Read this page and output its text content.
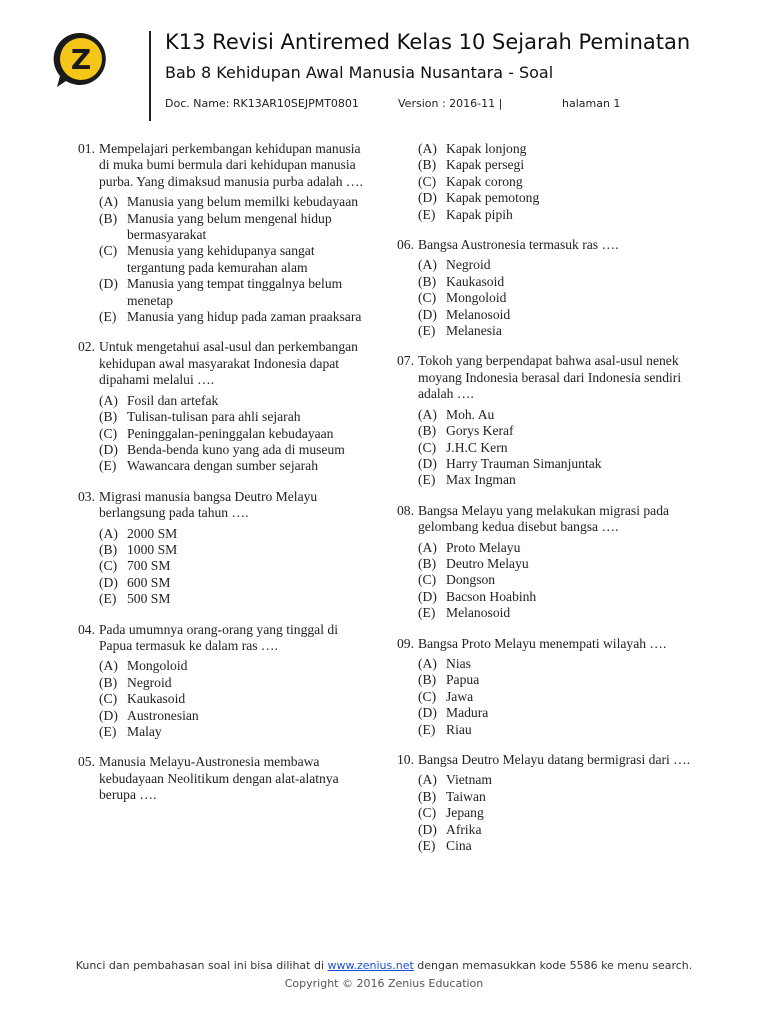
Z
K13 Revisi Antiremed Kelas 10 Sejarah Peminatan
Bab 8 Kehidupan Awal Manusia Nusantara - Soal
Doc. Name: RK13AR10SEJPMT0801	Version : 2016-11 |	halaman 1
01. Mempelajari perkembangan kehidupan manusia di muka bumi bermula dari kehidupan manusia purba. Yang dimaksud manusia purba adalah ….
(A) Manusia yang belum memilki kebudayaan
(B) Manusia yang belum mengenal hidup bermasyarakat
(C) Menusia yang kehidupanya sangat tergantung pada kemurahan alam
(D) Manusia yang tempat tinggalnya belum menetap
(E) Manusia yang hidup pada zaman praaksara
02. Untuk mengetahui asal-usul dan perkembangan kehidupan awal masyarakat Indonesia dapat dipahami melalui ….
(A) Fosil dan artefak
(B) Tulisan-tulisan para ahli sejarah
(C) Peninggalan-peninggalan kebudayaan
(D) Benda-benda kuno yang ada di museum
(E) Wawancara dengan sumber sejarah
03. Migrasi manusia bangsa Deutro Melayu berlangsung pada tahun ….
(A) 2000 SM
(B) 1000 SM
(C) 700 SM
(D) 600 SM
(E) 500 SM
04. Pada umumnya orang-orang yang tinggal di Papua termasuk ke dalam ras ….
(A) Mongoloid
(B) Negroid
(C) Kaukasoid
(D) Austronesian
(E) Malay
05. Manusia Melayu-Austronesia membawa kebudayaan Neolitikum dengan alat-alatnya berupa ….
(A) Kapak lonjong
(B) Kapak persegi
(C) Kapak corong
(D) Kapak pemotong
(E) Kapak pipih
06. Bangsa Austronesia termasuk ras ….
(A) Negroid
(B) Kaukasoid
(C) Mongoloid
(D) Melanosoid
(E) Melanesia
07. Tokoh yang berpendapat bahwa asal-usul nenek moyang Indonesia berasal dari Indonesia sendiri adalah ….
(A) Moh. Au
(B) Gorys Keraf
(C) J.H.C Kern
(D) Harry Trauman Simanjuntak
(E) Max Ingman
08. Bangsa Melayu yang melakukan migrasi pada gelombang kedua disebut bangsa ….
(A) Proto Melayu
(B) Deutro Melayu
(C) Dongson
(D) Bacson Hoabinh
(E) Melanosoid
09. Bangsa Proto Melayu menempati wilayah ….
(A) Nias
(B) Papua
(C) Jawa
(D) Madura
(E) Riau
10. Bangsa Deutro Melayu datang bermigrasi dari ….
(A) Vietnam
(B) Taiwan
(C) Jepang
(D) Afrika
(E) Cina
Kunci dan pembahasan soal ini bisa dilihat di www.zenius.net dengan memasukkan kode 5586 ke menu search.
Copyright © 2016 Zenius Education
